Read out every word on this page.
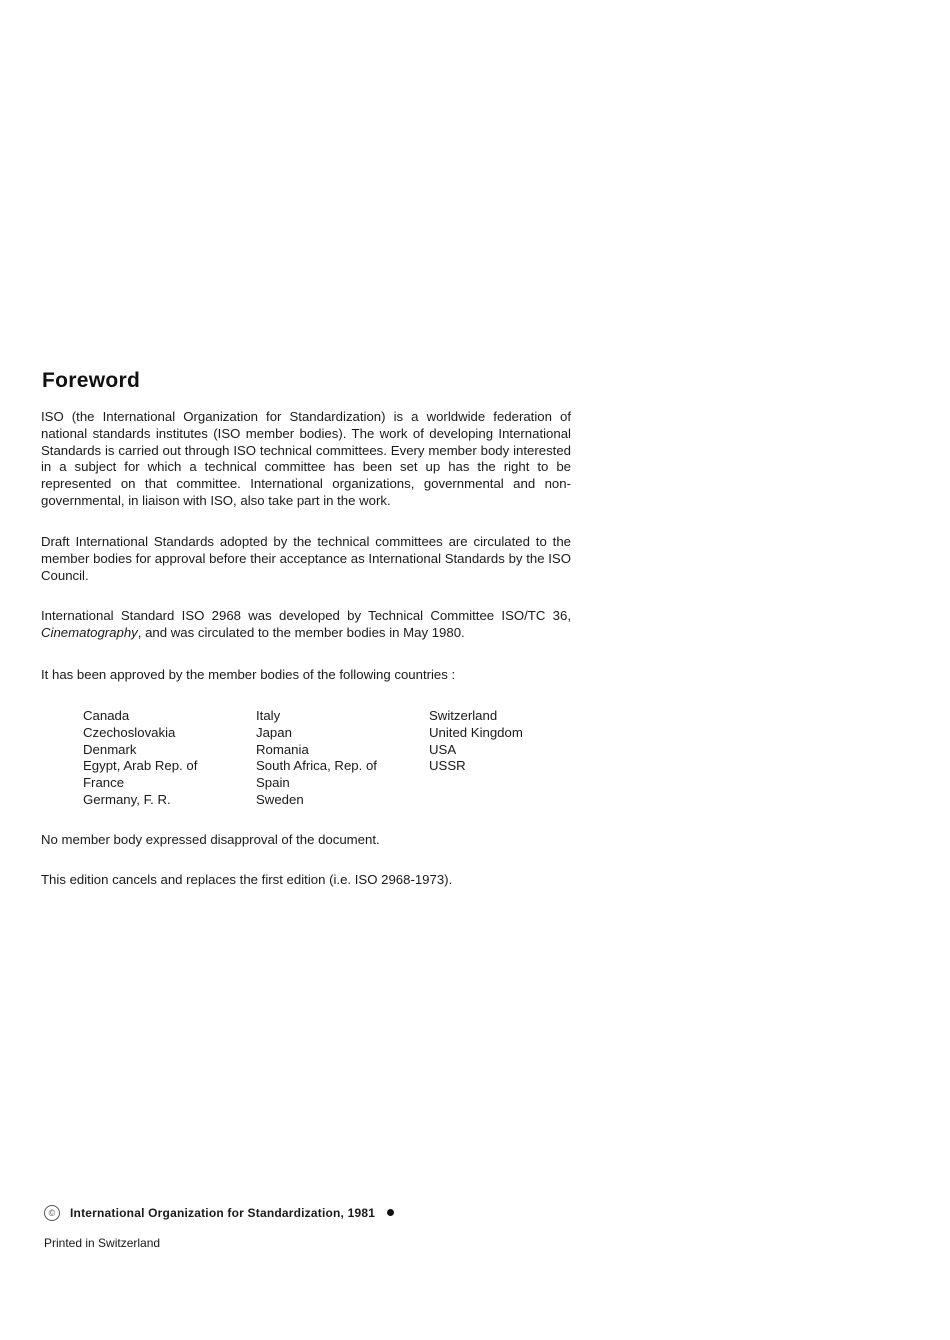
Foreword

ISO (the International Organization for Standardization) is a worldwide federation of national standards institutes (ISO member bodies). The work of developing International Standards is carried out through ISO technical committees. Every member body interested in a subject for which a technical committee has been set up has the right to be represented on that committee. International organizations, governmental and non-governmental, in liaison with ISO, also take part in the work.

Draft International Standards adopted by the technical committees are circulated to the member bodies for approval before their acceptance as International Standards by the ISO Council.

International Standard ISO 2968 was developed by Technical Committee ISO/TC 36, Cinematography, and was circulated to the member bodies in May 1980.

It has been approved by the member bodies of the following countries :

Canada
Czechoslovakia
Denmark
Egypt, Arab Rep. of
France
Germany, F. R.
Italy
Japan
Romania
South Africa, Rep. of
Spain
Sweden
Switzerland
United Kingdom
USA
USSR

No member body expressed disapproval of the document.

This edition cancels and replaces the first edition (i.e. ISO 2968-1973).

© International Organization for Standardization, 1981
Printed in Switzerland
